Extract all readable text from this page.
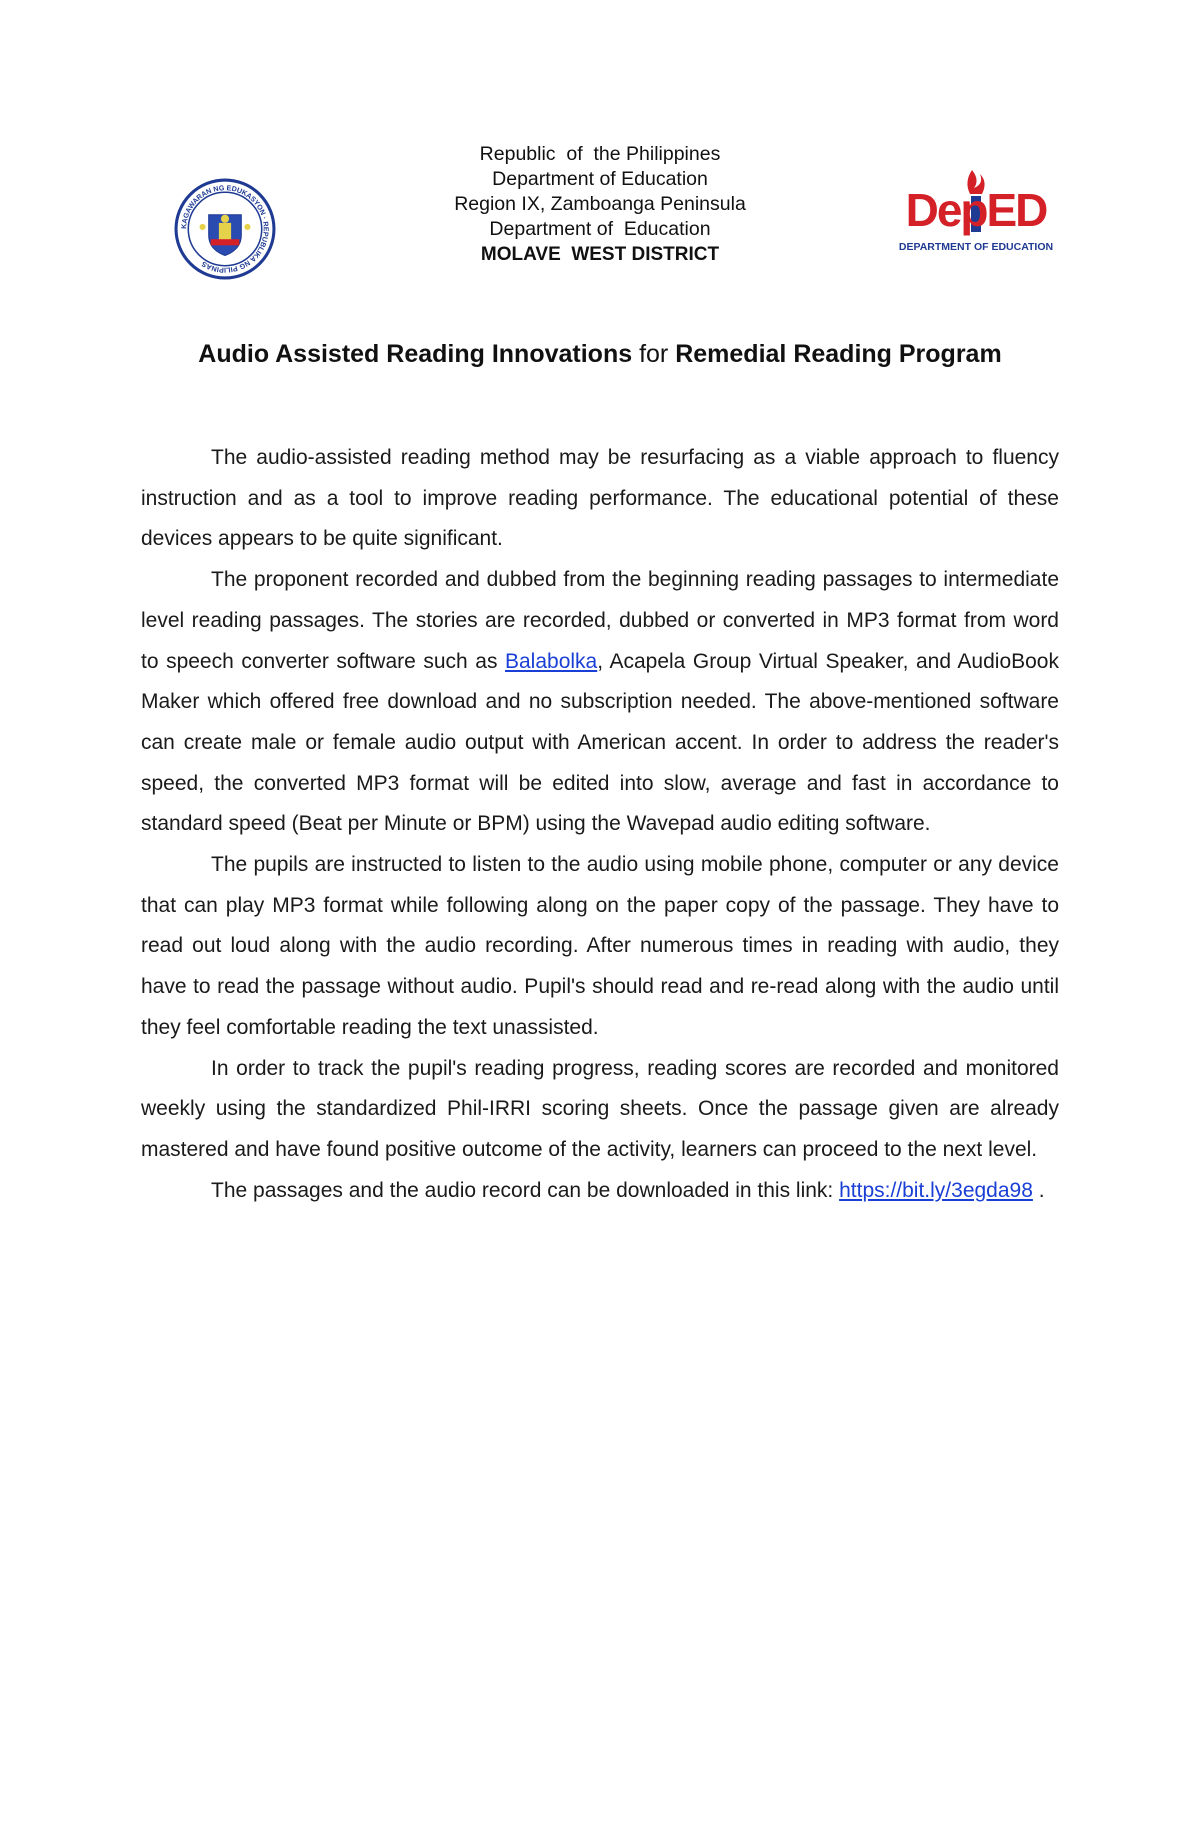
KAGAWARAN NG EDUKASYON · REPUBLIKA NG PILIPINAS
Republic  of  the Philippines
Department of Education
Region IX, Zamboanga Peninsula
Department of  Education
MOLAVE  WEST DISTRICT
DepED
DEPARTMENT OF EDUCATION
Audio Assisted Reading Innovations for Remedial Reading Program

The audio-assisted reading method may be resurfacing as a viable approach to fluency instruction and as a tool to improve reading performance. The educational potential of these devices appears to be quite significant.

The proponent recorded and dubbed from the beginning reading passages to intermediate level reading passages. The stories are recorded, dubbed or converted in MP3 format from word to speech converter software such as Balabolka, Acapela Group Virtual Speaker, and AudioBook Maker which offered free download and no subscription needed. The above-mentioned software can create male or female audio output with American accent. In order to address the reader's speed, the converted MP3 format will be edited into slow, average and fast in accordance to standard speed (Beat per Minute or BPM) using the Wavepad audio editing software.

The pupils are instructed to listen to the audio using mobile phone, computer or any device that can play MP3 format while following along on the paper copy of the passage. They have to read out loud along with the audio recording. After numerous times in reading with audio, they have to read the passage without audio. Pupil's should read and re-read along with the audio until they feel comfortable reading the text unassisted.

In order to track the pupil's reading progress, reading scores are recorded and monitored weekly using the standardized Phil-IRRI scoring sheets. Once the passage given are already mastered and have found positive outcome of the activity, learners can proceed to the next level.

The passages and the audio record can be downloaded in this link: https://bit.ly/3egda98 .
